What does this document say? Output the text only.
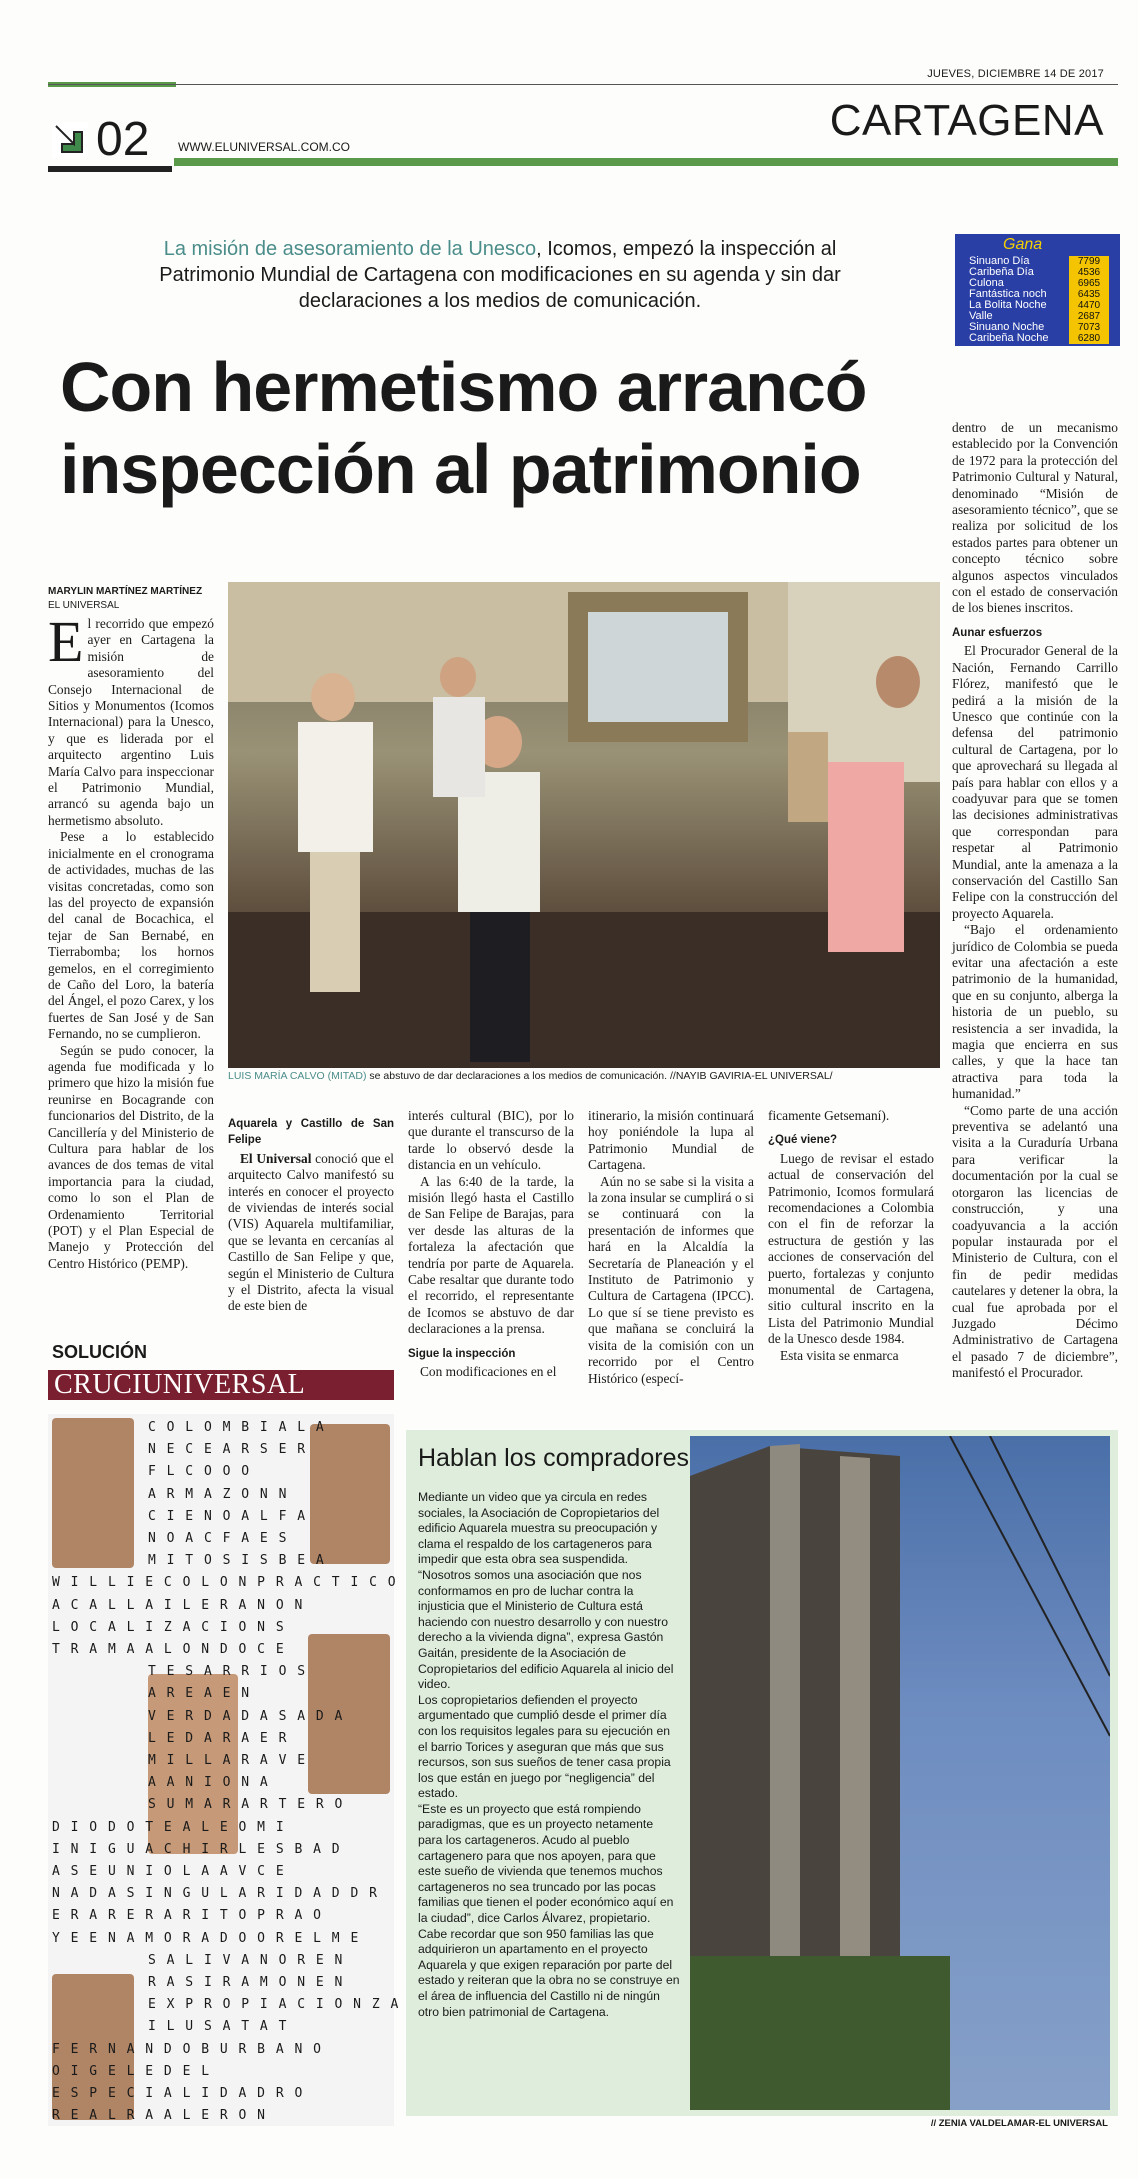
JUEVES, DICIEMBRE 14 DE 2017
CARTAGENA
02 WWW.ELUNIVERSAL.COM.CO
La misión de asesoramiento de la Unesco, Icomos, empezó la inspección al Patrimonio Mundial de Cartagena con modificaciones en su agenda y sin dar declaraciones a los medios de comunicación.
Gana
Sinuano Día	7799
Caribeña Día	4536
Culona	6965
Fantástica noch	6435
La Bolita Noche	4470
Valle	2687
Sinuano Noche	7073
Caribeña Noche	6280
Con hermetismo arrancó
inspección al patrimonio
MARYLIN MARTÍNEZ MARTÍNEZ
EL UNIVERSAL

El recorrido que empezó ayer en Cartagena la misión de asesoramiento del Consejo Internacional de Sitios y Monumentos (Icomos Internacional) para la Unesco, y que es liderada por el arquitecto argentino Luis María Calvo para inspeccionar el Patrimonio Mundial, arrancó su agenda bajo un hermetismo absoluto.

Pese a lo establecido inicialmente en el cronograma de actividades, muchas de las visitas concretadas, como son las del proyecto de expansión del canal de Bocachica, el tejar de San Bernabé, en Tierrabomba; los hornos gemelos, en el corregimiento de Caño del Loro, la batería del Ángel, el pozo Carex, y los fuertes de San José y de San Fernando, no se cumplieron.

Según se pudo conocer, la agenda fue modificada y lo primero que hizo la misión fue reunirse en Bocagrande con funcionarios del Distrito, de la Cancillería y del Ministerio de Cultura para hablar de los avances de dos temas de vital importancia para la ciudad, como lo son el Plan de Ordenamiento Territorial (POT) y el Plan Especial de Manejo y Protección del Centro Histórico (PEMP).

LUIS MARÍA CALVO (MITAD) se abstuvo de dar declaraciones a los medios de comunicación. //NAYIB GAVIRIA-EL UNIVERSAL/
Aquarela y Castillo de San Felipe

El Universal conoció que el arquitecto Calvo manifestó su interés en conocer el proyecto de viviendas de interés social (VIS) Aquarela multifamiliar, que se levanta en cercanías al Castillo de San Felipe y que, según el Ministerio de Cultura y el Distrito, afecta la visual de este bien de

interés cultural (BIC), por lo que durante el transcurso de la tarde lo observó desde la distancia en un vehículo.

A las 6:40 de la tarde, la misión llegó hasta el Castillo de San Felipe de Barajas, para ver desde las alturas de la fortaleza la afectación que tendría por parte de Aquarela. Cabe resaltar que durante todo el recorrido, el representante de Icomos se abstuvo de dar declaraciones a la prensa.

Sigue la inspección

Con modificaciones en el

itinerario, la misión continuará hoy poniéndole la lupa al Patrimonio Mundial de Cartagena.

Aún no se sabe si la visita a la zona insular se cumplirá o si se continuará con la presentación de informes que hará en la Alcaldía la Secretaría de Planeación y el Instituto de Patrimonio y Cultura de Cartagena (IPCC). Lo que sí se tiene previsto es que mañana se concluirá la visita de la comisión con un recorrido por el Centro Histórico (especí-

ficamente Getsemaní).

¿Qué viene?

Luego de revisar el estado actual de conservación del Patrimonio, Icomos formulará recomendaciones a Colombia con el fin de reforzar la estructura de gestión y las acciones de conservación del puerto, fortalezas y conjunto monumental de Cartagena, sitio cultural inscrito en la Lista del Patrimonio Mundial de la Unesco desde 1984.

Esta visita se enmarca

dentro de un mecanismo establecido por la Convención de 1972 para la protección del Patrimonio Cultural y Natural, denominado “Misión de asesoramiento técnico”, que se realiza por solicitud de los estados partes para obtener un concepto técnico sobre algunos aspectos vinculados con el estado de conservación de los bienes inscritos.

Aunar esfuerzos

El Procurador General de la Nación, Fernando Carrillo Flórez, manifestó que le pedirá a la misión de la Unesco que continúe con la defensa del patrimonio cultural de Cartagena, por lo que aprovechará su llegada al país para hablar con ellos y a coadyuvar para que se tomen las decisiones administrativas que correspondan para respetar al Patrimonio Mundial, ante la amenaza a la conservación del Castillo San Felipe con la construcción del proyecto Aquarela.

“Bajo el ordenamiento jurídico de Colombia se pueda evitar una afectación a este patrimonio de la humanidad, que en su conjunto, alberga la historia de un pueblo, su resistencia a ser invadida, la magia que encierra en sus calles, y que la hace tan atractiva para toda la humanidad.”

“Como parte de una acción preventiva se adelantó una visita a la Curaduría Urbana para verificar la documentación por la cual se otorgaron las licencias de construcción, y una coadyuvancia a la acción popular instaurada por el Ministerio de Cultura, con el fin de pedir medidas cautelares y detener la obra, la cual fue aprobada por el Juzgado Décimo Administrativo de Cartagena el pasado 7 de diciembre”, manifestó el Procurador.

SOLUCIÓN
CRUCIUNIVERSAL
C O L O M B I A L A
N E C E A R S E R
F L C O O O
A R M A Z O N N
C I E N O A L F A
N O A C F A E S
M I T O S I S B E A
W I L L I E C O L O N P R A C T I C O
A C A L L A I L E R A N O N
L O C A L I Z A C I O N S
T R A M A A L O N D O C E
T E S A R R I O S
A R E A E N
V E R D A D A S A D A
L E D A R A E R
M I L L A R A V E
A A N I O N A
S U M A R A R T E R O
D I O D O T E A L E O M I
I N I G U A C H I R L E S B A D
A S E U N I O L A A V C E
N A D A S I N G U L A R I D A D D R
E R A R E R A R I T O P R A O
Y E E N A M O R A D O O R E L M E
S A L I V A N O R E N
R A S I R A M O N E N
E X P R O P I A C I O N Z A
I L U S A T A T
F E R N A N D O B U R B A N O
O I G E L E D E L
E S P E C I A L I D A D R O
R E A L R A A L E R O N
Hablan los compradores

Mediante un video que ya circula en redes sociales, la Asociación de Copropietarios del edificio Aquarela muestra su preocupación y clama el respaldo de los cartageneros para impedir que esta obra sea suspendida.

“Nosotros somos una asociación que nos conformamos en pro de luchar contra la injusticia que el Ministerio de Cultura está haciendo con nuestro desarrollo y con nuestro derecho a la vivienda digna”, expresa Gastón Gaitán, presidente de la Asociación de Copropietarios del edificio Aquarela al inicio del video.

Los copropietarios defienden el proyecto argumentado que cumplió desde el primer día con los requisitos legales para su ejecución en el barrio Torices y aseguran que más que sus recursos, son sus sueños de tener casa propia los que están en juego por “negligencia” del estado.

“Este es un proyecto que está rompiendo paradigmas, que es un proyecto netamente para los cartageneros. Acudo al pueblo cartagenero para que nos apoyen, para que este sueño de vivienda que tenemos muchos cartageneros no sea truncado por las pocas familias que tienen el poder económico aquí en la ciudad”, dice Carlos Álvarez, propietario.

Cabe recordar que son 950 familias las que adquirieron un apartamento en el proyecto Aquarela y que exigen reparación por parte del estado y reiteran que la obra no se construye en el área de influencia del Castillo ni de ningún otro bien patrimonial de Cartagena.

// ZENIA VALDELAMAR-EL UNIVERSAL
